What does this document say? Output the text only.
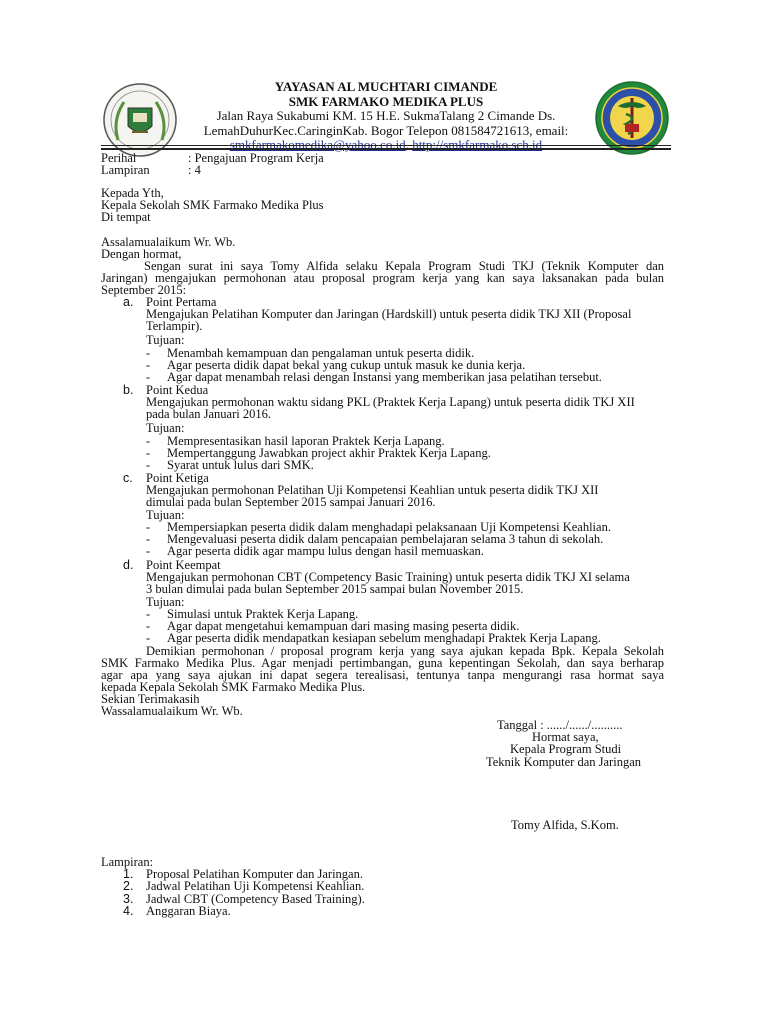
YAYASAN AL MUCHTARI CIMANDE
SMK FARMAKO MEDIKA PLUS
Jalan Raya Sukabumi KM. 15 H.E. SukmaTalang 2 Cimande Ds.
LemahDuhurKec.CaringinKab. Bogor Telepon 081584721613, email:
smkfarmakomedika@yahoo.co.id, http://smkfarmako.sch.id
Perihal	: Pengajuan Program Kerja
Lampiran	: 4
Kepada Yth,
Kepala Sekolah SMK Farmako Medika Plus
Di tempat
Assalamualaikum Wr. Wb.
Dengan hormat,
Sengan surat ini saya Tomy Alfida selaku Kepala Program Studi TKJ (Teknik Komputer dan
Jaringan) mengajukan permohonan atau proposal program kerja yang kan saya laksanakan pada bulan
September 2015:
a. Point Pertama
Mengajukan Pelatihan Komputer dan Jaringan (Hardskill) untuk peserta didik TKJ XII (Proposal
Terlampir).
Tujuan:
- Menambah kemampuan dan pengalaman untuk peserta didik.
- Agar peserta didik dapat bekal yang cukup untuk masuk ke dunia kerja.
- Agar dapat menambah relasi dengan Instansi yang memberikan jasa pelatihan tersebut.
b. Point Kedua
Mengajukan permohonan waktu sidang PKL (Praktek Kerja Lapang) untuk peserta didik TKJ XII
pada bulan Januari 2016.
Tujuan:
- Mempresentasikan hasil laporan Praktek Kerja Lapang.
- Mempertanggung Jawabkan project akhir Praktek Kerja Lapang.
- Syarat untuk lulus dari SMK.
c. Point Ketiga
Mengajukan permohonan Pelatihan Uji Kompetensi Keahlian untuk peserta didik TKJ XII
dimulai pada bulan September 2015 sampai Januari 2016.
Tujuan:
- Mempersiapkan peserta didik dalam menghadapi pelaksanaan Uji Kompetensi Keahlian.
- Mengevaluasi peserta didik dalam pencapaian pembelajaran selama 3 tahun di sekolah.
- Agar peserta didik agar mampu lulus dengan hasil memuaskan.
d. Point Keempat
Mengajukan permohonan CBT (Competency Basic Training) untuk peserta didik TKJ XI selama
3 bulan dimulai pada bulan September 2015 sampai bulan November 2015.
Tujuan:
- Simulasi untuk Praktek Kerja Lapang.
- Agar dapat mengetahui kemampuan dari masing masing peserta didik.
- Agar peserta didik mendapatkan kesiapan sebelum menghadapi Praktek Kerja Lapang.
Demikian permohonan / proposal program kerja yang saya ajukan kepada Bpk. Kepala Sekolah
SMK Farmako Medika Plus. Agar menjadi pertimbangan, guna kepentingan Sekolah, dan saya berharap
agar apa yang saya ajukan ini dapat segera terealisasi, tentunya tanpa mengurangi rasa hormat saya
kepada Kepala Sekolah SMK Farmako Medika Plus.
Sekian Terimakasih
Wassalamualaikum Wr. Wb.
Tanggal : ....../....../..........
Hormat saya,
Kepala Program Studi
Teknik Komputer dan Jaringan
Tomy Alfida, S.Kom.
Lampiran:
1. Proposal Pelatihan Komputer dan Jaringan.
2. Jadwal Pelatihan Uji Kompetensi Keahlian.
3. Jadwal CBT (Competency Based Training).
4. Anggaran Biaya.
